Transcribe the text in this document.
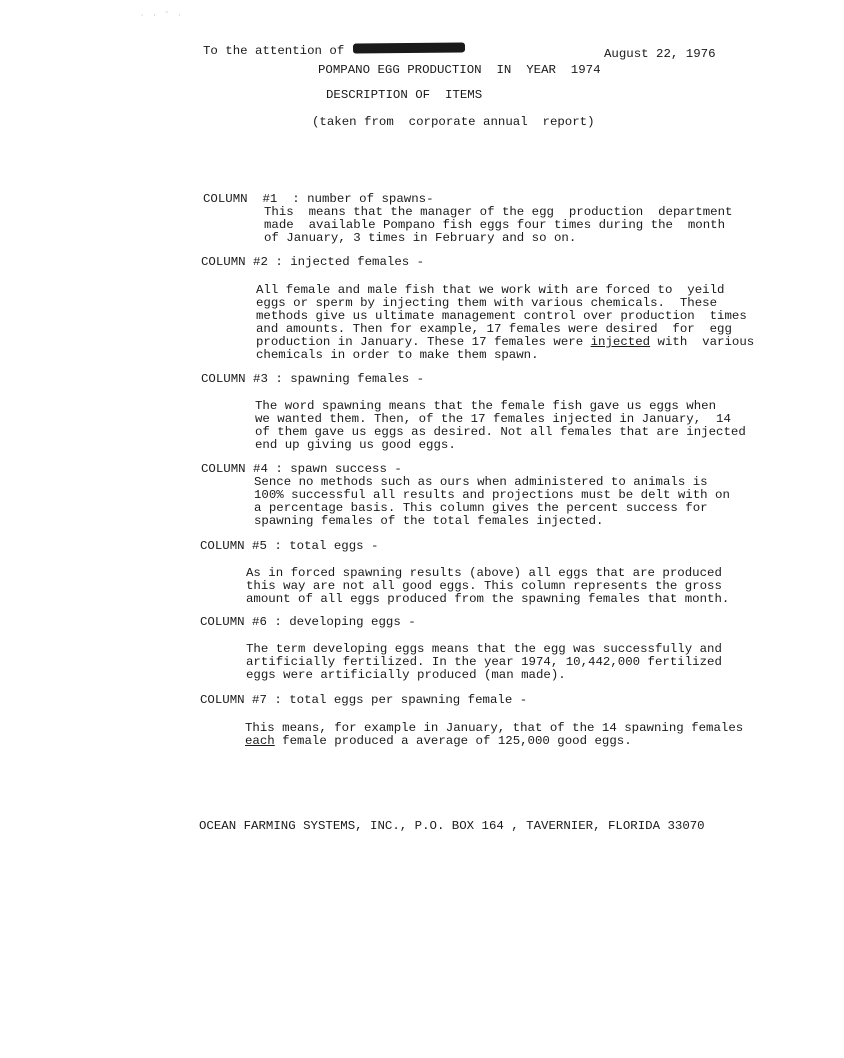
· · ˜ ·
To the attention of	August 22, 1976
POMPANO EGG PRODUCTION  IN  YEAR  1974
DESCRIPTION OF  ITEMS
(taken from  corporate annual  report)
COLUMN  #1  : number of spawns-
This  means that the manager of the egg  production  department
made  available Pompano fish eggs four times during the  month
of January, 3 times in February and so on.
COLUMN #2 : injected females -
All female and male fish that we work with are forced to  yeild
eggs or sperm by injecting them with various chemicals.  These
methods give us ultimate management control over production  times
and amounts. Then for example, 17 females were desired  for  egg
production in January. These 17 females were injected with  various
chemicals in order to make them spawn.
COLUMN #3 : spawning females -
The word spawning means that the female fish gave us eggs when
we wanted them. Then, of the 17 females injected in January,  14
of them gave us eggs as desired. Not all females that are injected
end up giving us good eggs.
COLUMN #4 : spawn success -
Sence no methods such as ours when administered to animals is
100% successful all results and projections must be delt with on
a percentage basis. This column gives the percent success for
spawning females of the total females injected.
COLUMN #5 : total eggs -
As in forced spawning results (above) all eggs that are produced
this way are not all good eggs. This column represents the gross
amount of all eggs produced from the spawning females that month.
COLUMN #6 : developing eggs -
The term developing eggs means that the egg was successfully and
artificially fertilized. In the year 1974, 10,442,000 fertilized
eggs were artificially produced (man made).
COLUMN #7 : total eggs per spawning female -
This means, for example in January, that of the 14 spawning females
each female produced a average of 125,000 good eggs.
OCEAN FARMING SYSTEMS, INC., P.O. BOX 164 , TAVERNIER, FLORIDA 33070
